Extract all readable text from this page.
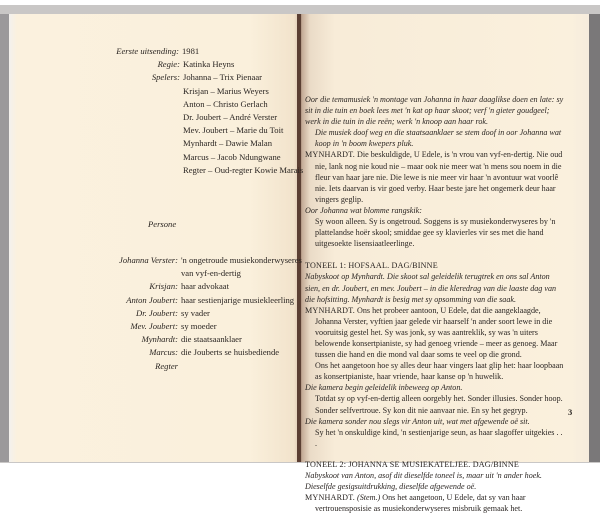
Eerste uitsending: 1981
Regie: Katinka Heyns
Spelers: Johanna – Trix Pienaar
Krisjan – Marius Weyers
Anton – Christo Gerlach
Dr. Joubert – André Verster
Mev. Joubert – Marie du Toit
Mynhardt – Dawie Malan
Marcus – Jacob Ndungwane
Regter – Oud-regter Kowie Marais
Persone
Johanna Verster: 'n ongetroude musiekonderwyseres
van vyf-en-dertig
Krisjan: haar advokaat
Anton Joubert: haar sestienjarige musiekleerling
Dr. Joubert: sy vader
Mev. Joubert: sy moeder
Mynhardt: die staatsaanklaer
Marcus: die Jouberts se huisbediende
Regter

Oor die temamusiek 'n montage van Johanna in haar daaglikse doen en late: sy sit in die tuin en boek lees met 'n kat op haar skoot; verf 'n gieter goudgeel; werk in die tuin in die reën; werk 'n knoop aan haar rok.

Die musiek doof weg en die staatsaanklaer se stem doof in oor Johanna wat koop in 'n boom kwepers pluk.

MYNHARDT. Die beskuldigde, U Edele, is 'n vrou van vyf-en-dertig. Nie oud nie, lank nog nie koud nie – maar ook nie meer wat 'n mens sou noem in die fleur van haar jare nie. Die lewe is nie meer vir haar 'n avontuur wat voorlê nie. Iets daarvan is vir goed verby. Haar beste jare het ongemerk deur haar vingers geglip.

Oor Johanna wat blomme rangskik:

Sy woon alleen. Sy is ongetroud. Soggens is sy musiekonderwyseres by 'n plattelandse hoër skool; smiddae gee sy klavierles vir ses met die hand uitgesoekte lisensiaatleerlinge.

TONEEL 1: HOFSAAL. DAG/BINNE

Nabyskoot op Mynhardt. Die skoot sal geleidelik terugtrek en ons sal Anton sien, en dr. Joubert, en mev. Joubert – in die kleredrag van die laaste dag van die hofsitting. Mynhardt is besig met sy opsomming van die saak.

MYNHARDT. Ons het probeer aantoon, U Edele, dat die aangeklaagde, Johanna Verster, vyftien jaar gelede vir haarself 'n ander soort lewe in die vooruitsig gestel het. Sy was jonk, sy was aantreklik, sy was 'n uiters belowende konsertpianiste, sy had genoeg vriende – meer as genoeg. Maar tussen die hand en die mond val daar soms te veel op die grond.

Ons het aangetoon hoe sy alles deur haar vingers laat glip het: haar loopbaan as konsertpianiste, haar vriende, haar kanse op 'n huwelik.

Die kamera begin geleidelik inbeweeg op Anton.

Totdat sy op vyf-en-dertig alleen oorgebly het. Sonder illusies. Sonder hoop. Sonder selfvertroue. Sy kon dit nie aanvaar nie. En sy het gegryp.

Die kamera sonder nou slegs vir Anton uit, wat met afgewende oë sit.

Sy het 'n onskuldige kind, 'n sestienjarige seun, as haar slagoffer uitgekies . . .

TONEEL 2: JOHANNA SE MUSIEKATELJEE. DAG/BINNE

Nabyskoot van Anton, asof dit dieselfde toneel is, maar uit 'n ander hoek. Dieselfde gesigsuitdrukking, dieselfde afgewende oë.

MYNHARDT. (Stem.) Ons het aangetoon, U Edele, dat sy van haar vertrouensposisie as musiekonderwyseres misbruik gemaak het.

3
